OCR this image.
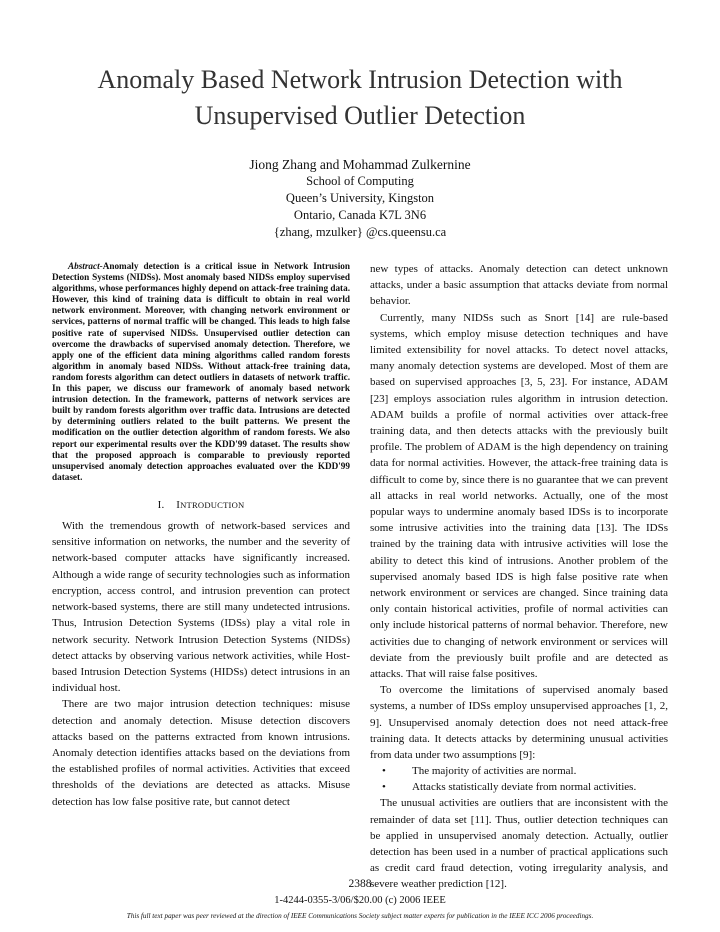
Anomaly Based Network Intrusion Detection with
Unsupervised Outlier Detection
Jiong Zhang and Mohammad Zulkernine
School of Computing
Queen’s University, Kingston
Ontario, Canada K7L 3N6
{zhang, mzulker} @cs.queensu.ca

Abstract-Anomaly detection is a critical issue in Network Intrusion Detection Systems (NIDSs). Most anomaly based NIDSs employ supervised algorithms, whose performances highly depend on attack-free training data. However, this kind of training data is difficult to obtain in real world network environment. Moreover, with changing network environment or services, patterns of normal traffic will be changed. This leads to high false positive rate of supervised NIDSs. Unsupervised outlier detection can overcome the drawbacks of supervised anomaly detection. Therefore, we apply one of the efficient data mining algorithms called random forests algorithm in anomaly based NIDSs. Without attack-free training data, random forests algorithm can detect outliers in datasets of network traffic. In this paper, we discuss our framework of anomaly based network intrusion detection. In the framework, patterns of network services are built by random forests algorithm over traffic data. Intrusions are detected by determining outliers related to the built patterns. We present the modification on the outlier detection algorithm of random forests. We also report our experimental results over the KDD'99 dataset. The results show that the proposed approach is comparable to previously reported unsupervised anomaly detection approaches evaluated over the KDD'99 dataset.

I. INTRODUCTION

With the tremendous growth of network-based services and sensitive information on networks, the number and the severity of network-based computer attacks have significantly increased. Although a wide range of security technologies such as information encryption, access control, and intrusion prevention can protect network-based systems, there are still many undetected intrusions. Thus, Intrusion Detection Systems (IDSs) play a vital role in network security. Network Intrusion Detection Systems (NIDSs) detect attacks by observing various network activities, while Host-based Intrusion Detection Systems (HIDSs) detect intrusions in an individual host.

There are two major intrusion detection techniques: misuse detection and anomaly detection. Misuse detection discovers attacks based on the patterns extracted from known intrusions. Anomaly detection identifies attacks based on the deviations from the established profiles of normal activities. Activities that exceed thresholds of the deviations are detected as attacks. Misuse detection has low false positive rate, but cannot detect

new types of attacks. Anomaly detection can detect unknown attacks, under a basic assumption that attacks deviate from normal behavior.

Currently, many NIDSs such as Snort [14] are rule-based systems, which employ misuse detection techniques and have limited extensibility for novel attacks. To detect novel attacks, many anomaly detection systems are developed. Most of them are based on supervised approaches [3, 5, 23]. For instance, ADAM [23] employs association rules algorithm in intrusion detection. ADAM builds a profile of normal activities over attack-free training data, and then detects attacks with the previously built profile. The problem of ADAM is the high dependency on training data for normal activities. However, the attack-free training data is difficult to come by, since there is no guarantee that we can prevent all attacks in real world networks. Actually, one of the most popular ways to undermine anomaly based IDSs is to incorporate some intrusive activities into the training data [13]. The IDSs trained by the training data with intrusive activities will lose the ability to detect this kind of intrusions. Another problem of the supervised anomaly based IDS is high false positive rate when network environment or services are changed. Since training data only contain historical activities, profile of normal activities can only include historical patterns of normal behavior. Therefore, new activities due to changing of network environment or services will deviate from the previously built profile and are detected as attacks. That will raise false positives.

To overcome the limitations of supervised anomaly based systems, a number of IDSs employ unsupervised approaches [1, 2, 9]. Unsupervised anomaly detection does not need attack-free training data. It detects attacks by determining unusual activities from data under two assumptions [9]:

• The majority of activities are normal.
• Attacks statistically deviate from normal activities.

The unusual activities are outliers that are inconsistent with the remainder of data set [11]. Thus, outlier detection techniques can be applied in unsupervised anomaly detection. Actually, outlier detection has been used in a number of practical applications such as credit card fraud detection, voting irregularity analysis, and severe weather prediction [12].

2388
1-4244-0355-3/06/$20.00 (c) 2006 IEEE
This full text paper was peer reviewed at the direction of IEEE Communications Society subject matter experts for publication in the IEEE ICC 2006 proceedings.
